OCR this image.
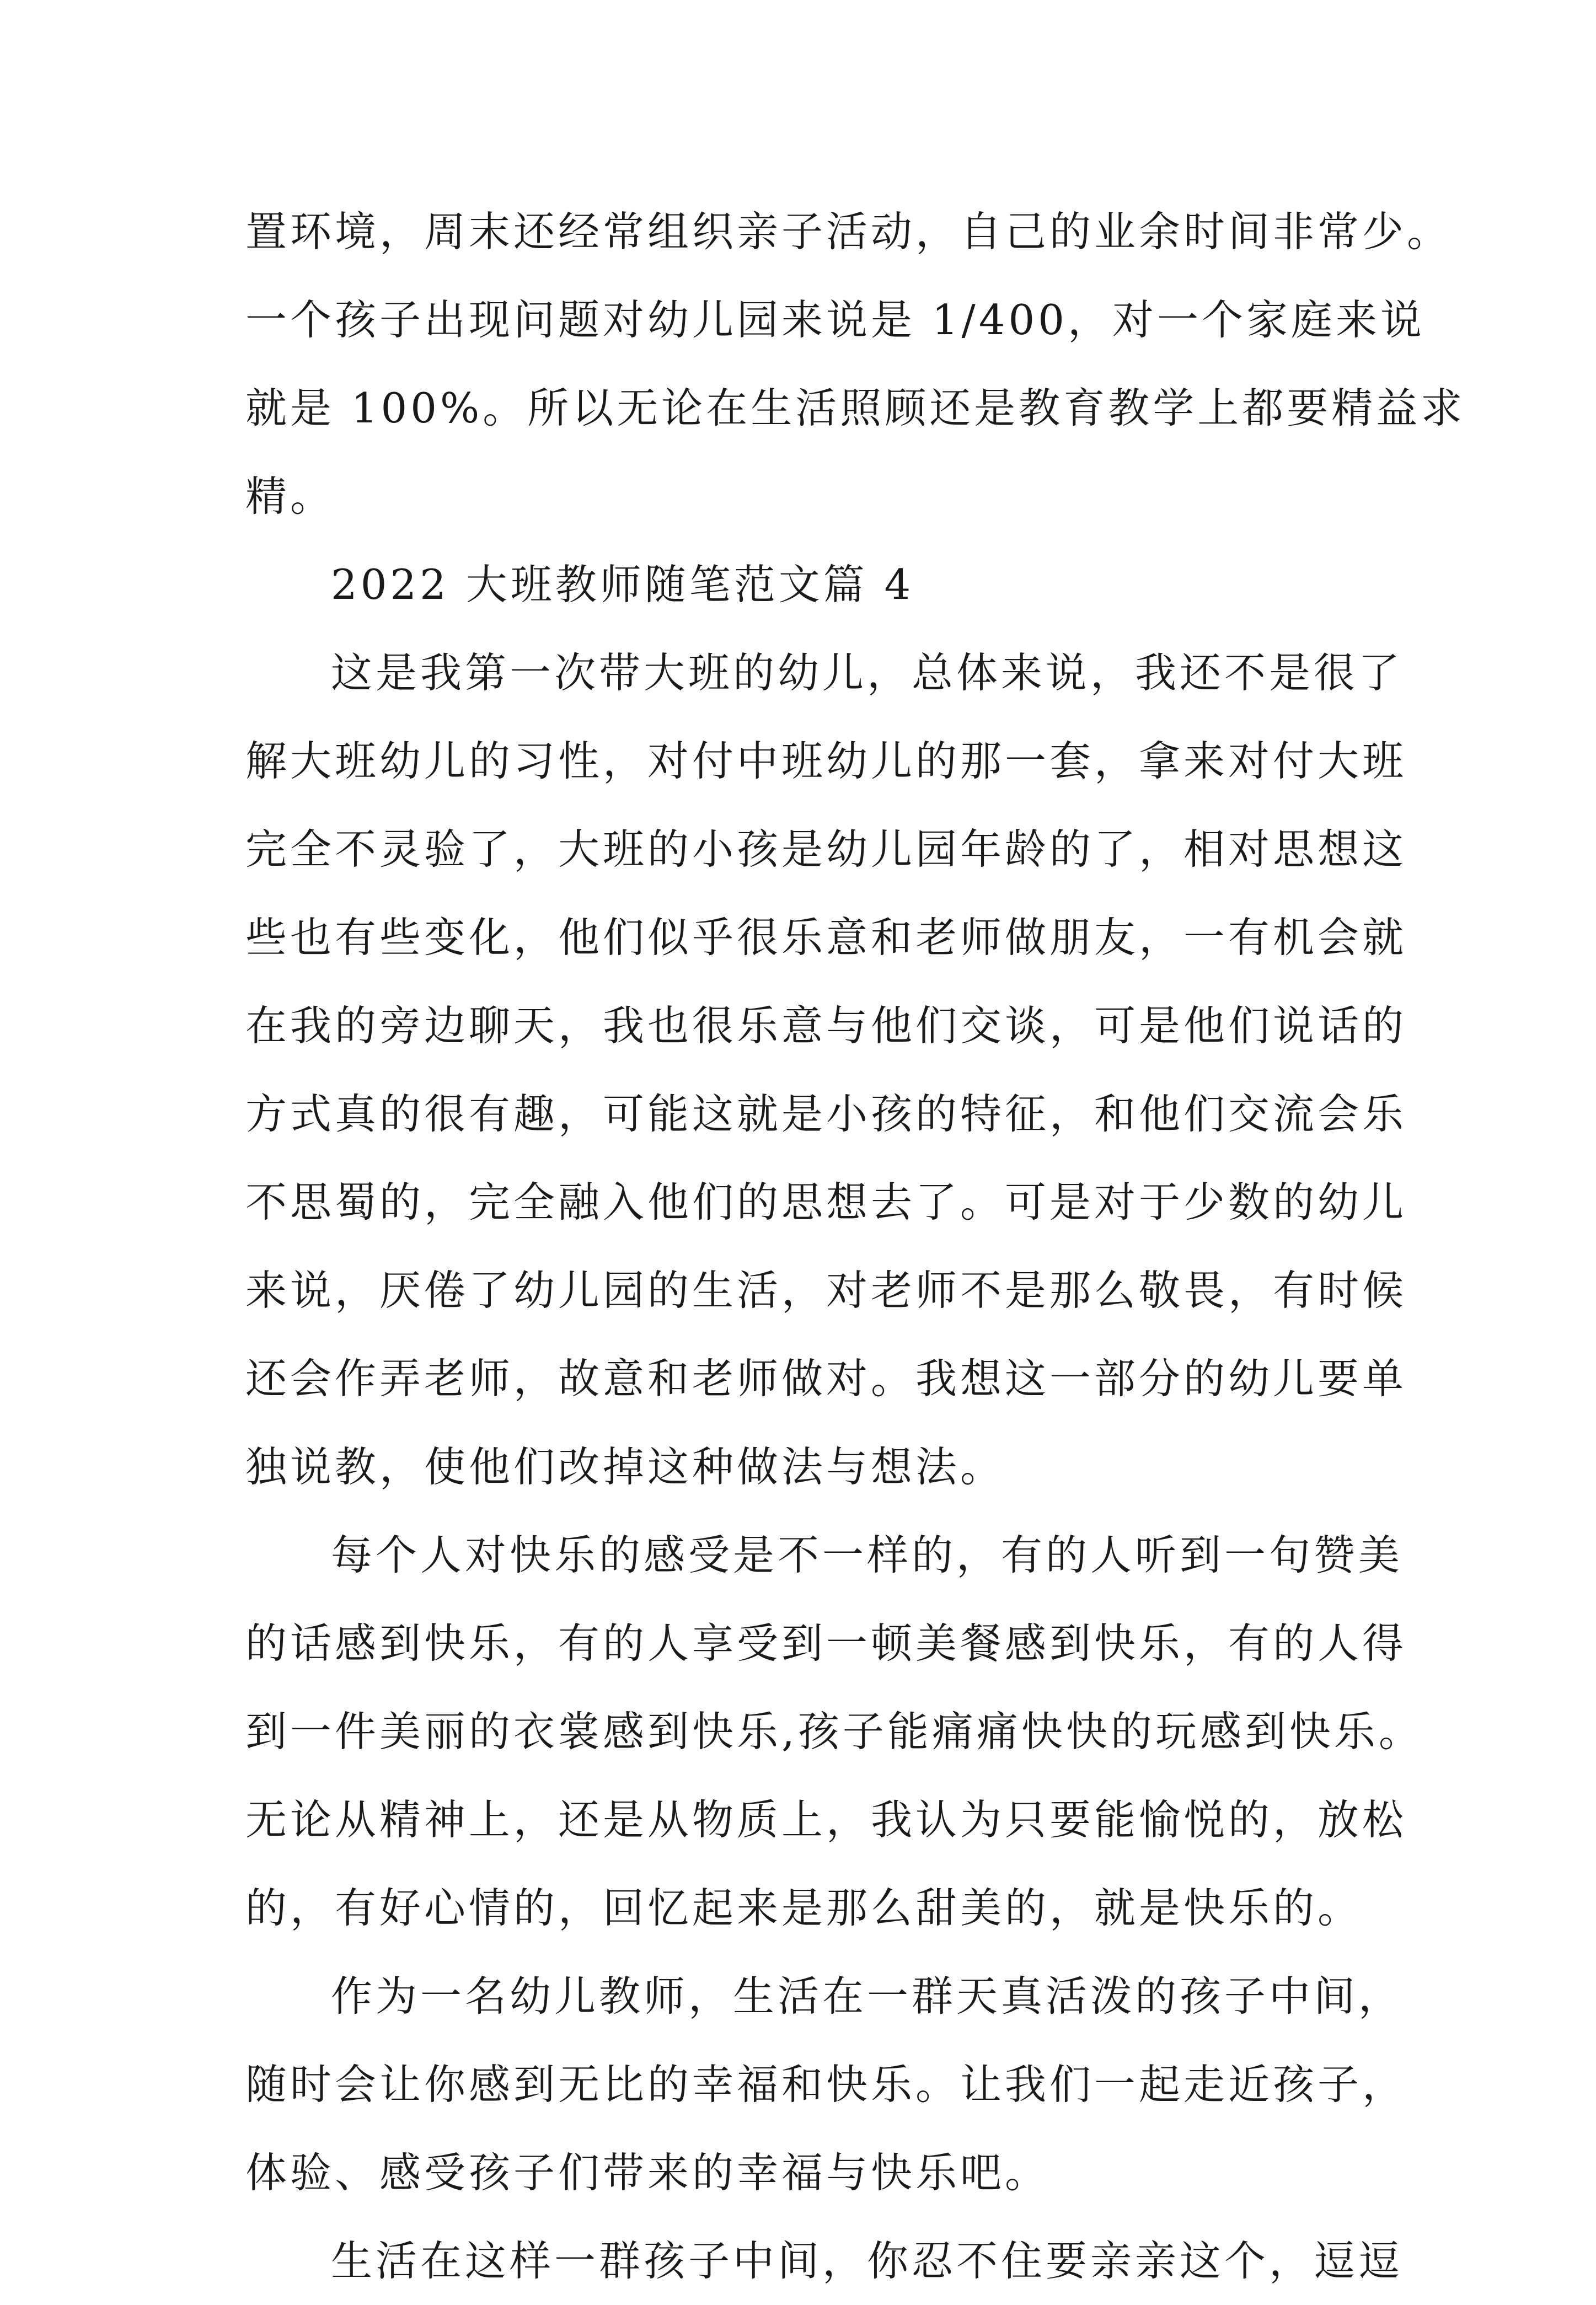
置环境，周末还经常组织亲子活动，自己的业余时间非常少。
一个孩子出现问题对幼儿园来说是 1/400，对一个家庭来说
就是 100%。所以无论在生活照顾还是教育教学上都要精益求
精。
2022 大班教师随笔范文篇 4
这是我第一次带大班的幼儿，总体来说，我还不是很了
解大班幼儿的习性，对付中班幼儿的那一套，拿来对付大班
完全不灵验了，大班的小孩是幼儿园年龄的了，相对思想这
些也有些变化，他们似乎很乐意和老师做朋友，一有机会就
在我的旁边聊天，我也很乐意与他们交谈，可是他们说话的
方式真的很有趣，可能这就是小孩的特征，和他们交流会乐
不思蜀的，完全融入他们的思想去了。可是对于少数的幼儿
来说，厌倦了幼儿园的生活，对老师不是那么敬畏，有时候
还会作弄老师，故意和老师做对。我想这一部分的幼儿要单
独说教，使他们改掉这种做法与想法。
每个人对快乐的感受是不一样的，有的人听到一句赞美
的话感到快乐，有的人享受到一顿美餐感到快乐，有的人得
到一件美丽的衣裳感到快乐,孩子能痛痛快快的玩感到快乐。
无论从精神上，还是从物质上，我认为只要能愉悦的，放松
的，有好心情的，回忆起来是那么甜美的，就是快乐的。
作为一名幼儿教师，生活在一群天真活泼的孩子中间，
随时会让你感到无比的幸福和快乐。让我们一起走近孩子，
体验、感受孩子们带来的幸福与快乐吧。
生活在这样一群孩子中间，你忍不住要亲亲这个，逗逗
